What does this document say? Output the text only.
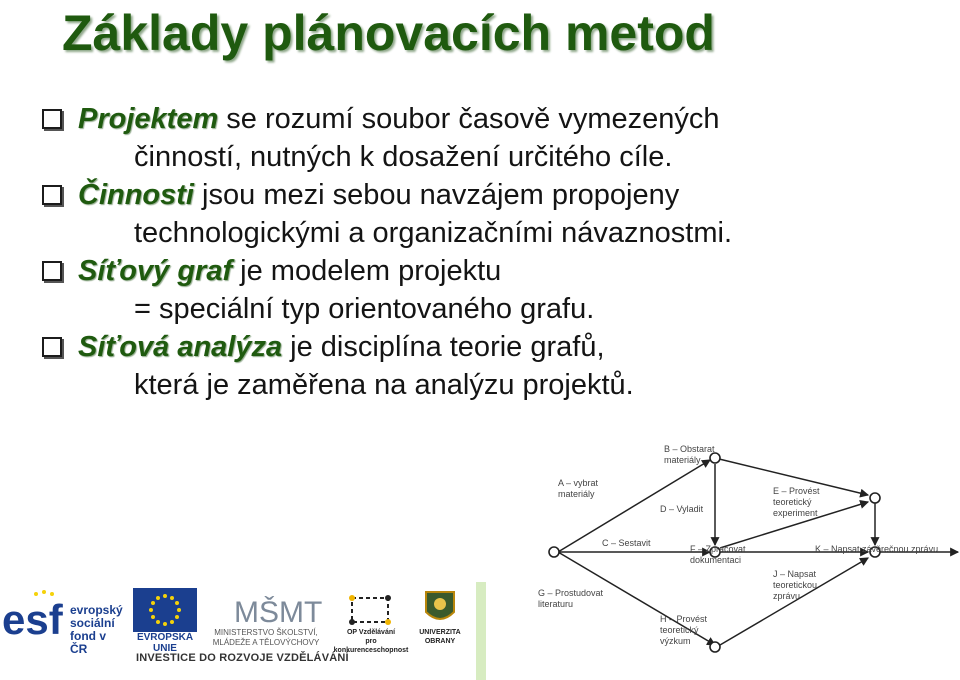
Základy plánovacích metod

Projektem se rozumí soubor časově vymezených
činností, nutných k dosažení určitého cíle.

Činnosti jsou mezi sebou navzájem propojeny
technologickými a organizačními návaznostmi.

Síťový graf je modelem projektu
= speciální typ orientovaného grafu.

Síťová analýza je disciplína teorie grafů,
která je zaměřena na analýzu projektů.

A – vybrat materiály
B – Obstarat materiály
D – Vyladit
E – Provést teoretický experiment
C – Sestavit
F – Zpracovat dokumentaci
K – Napsat závěrečnou zprávu
J – Napsat teoretickou zprávu
G – Prostudovat literaturu
H – Provést teoretický výzkum
esf evropský
sociální
fond v ČR
EVROPSKÁ UNIE
MŠMT
MINISTERSTVO ŠKOLSTVÍ,
MLÁDEŽE A TĚLOVÝCHOVY
OP Vzdělávání
pro konkurenceschopnost
UNIVERZITA
OBRANY
INVESTICE DO ROZVOJE VZDĚLÁVÁNÍ
